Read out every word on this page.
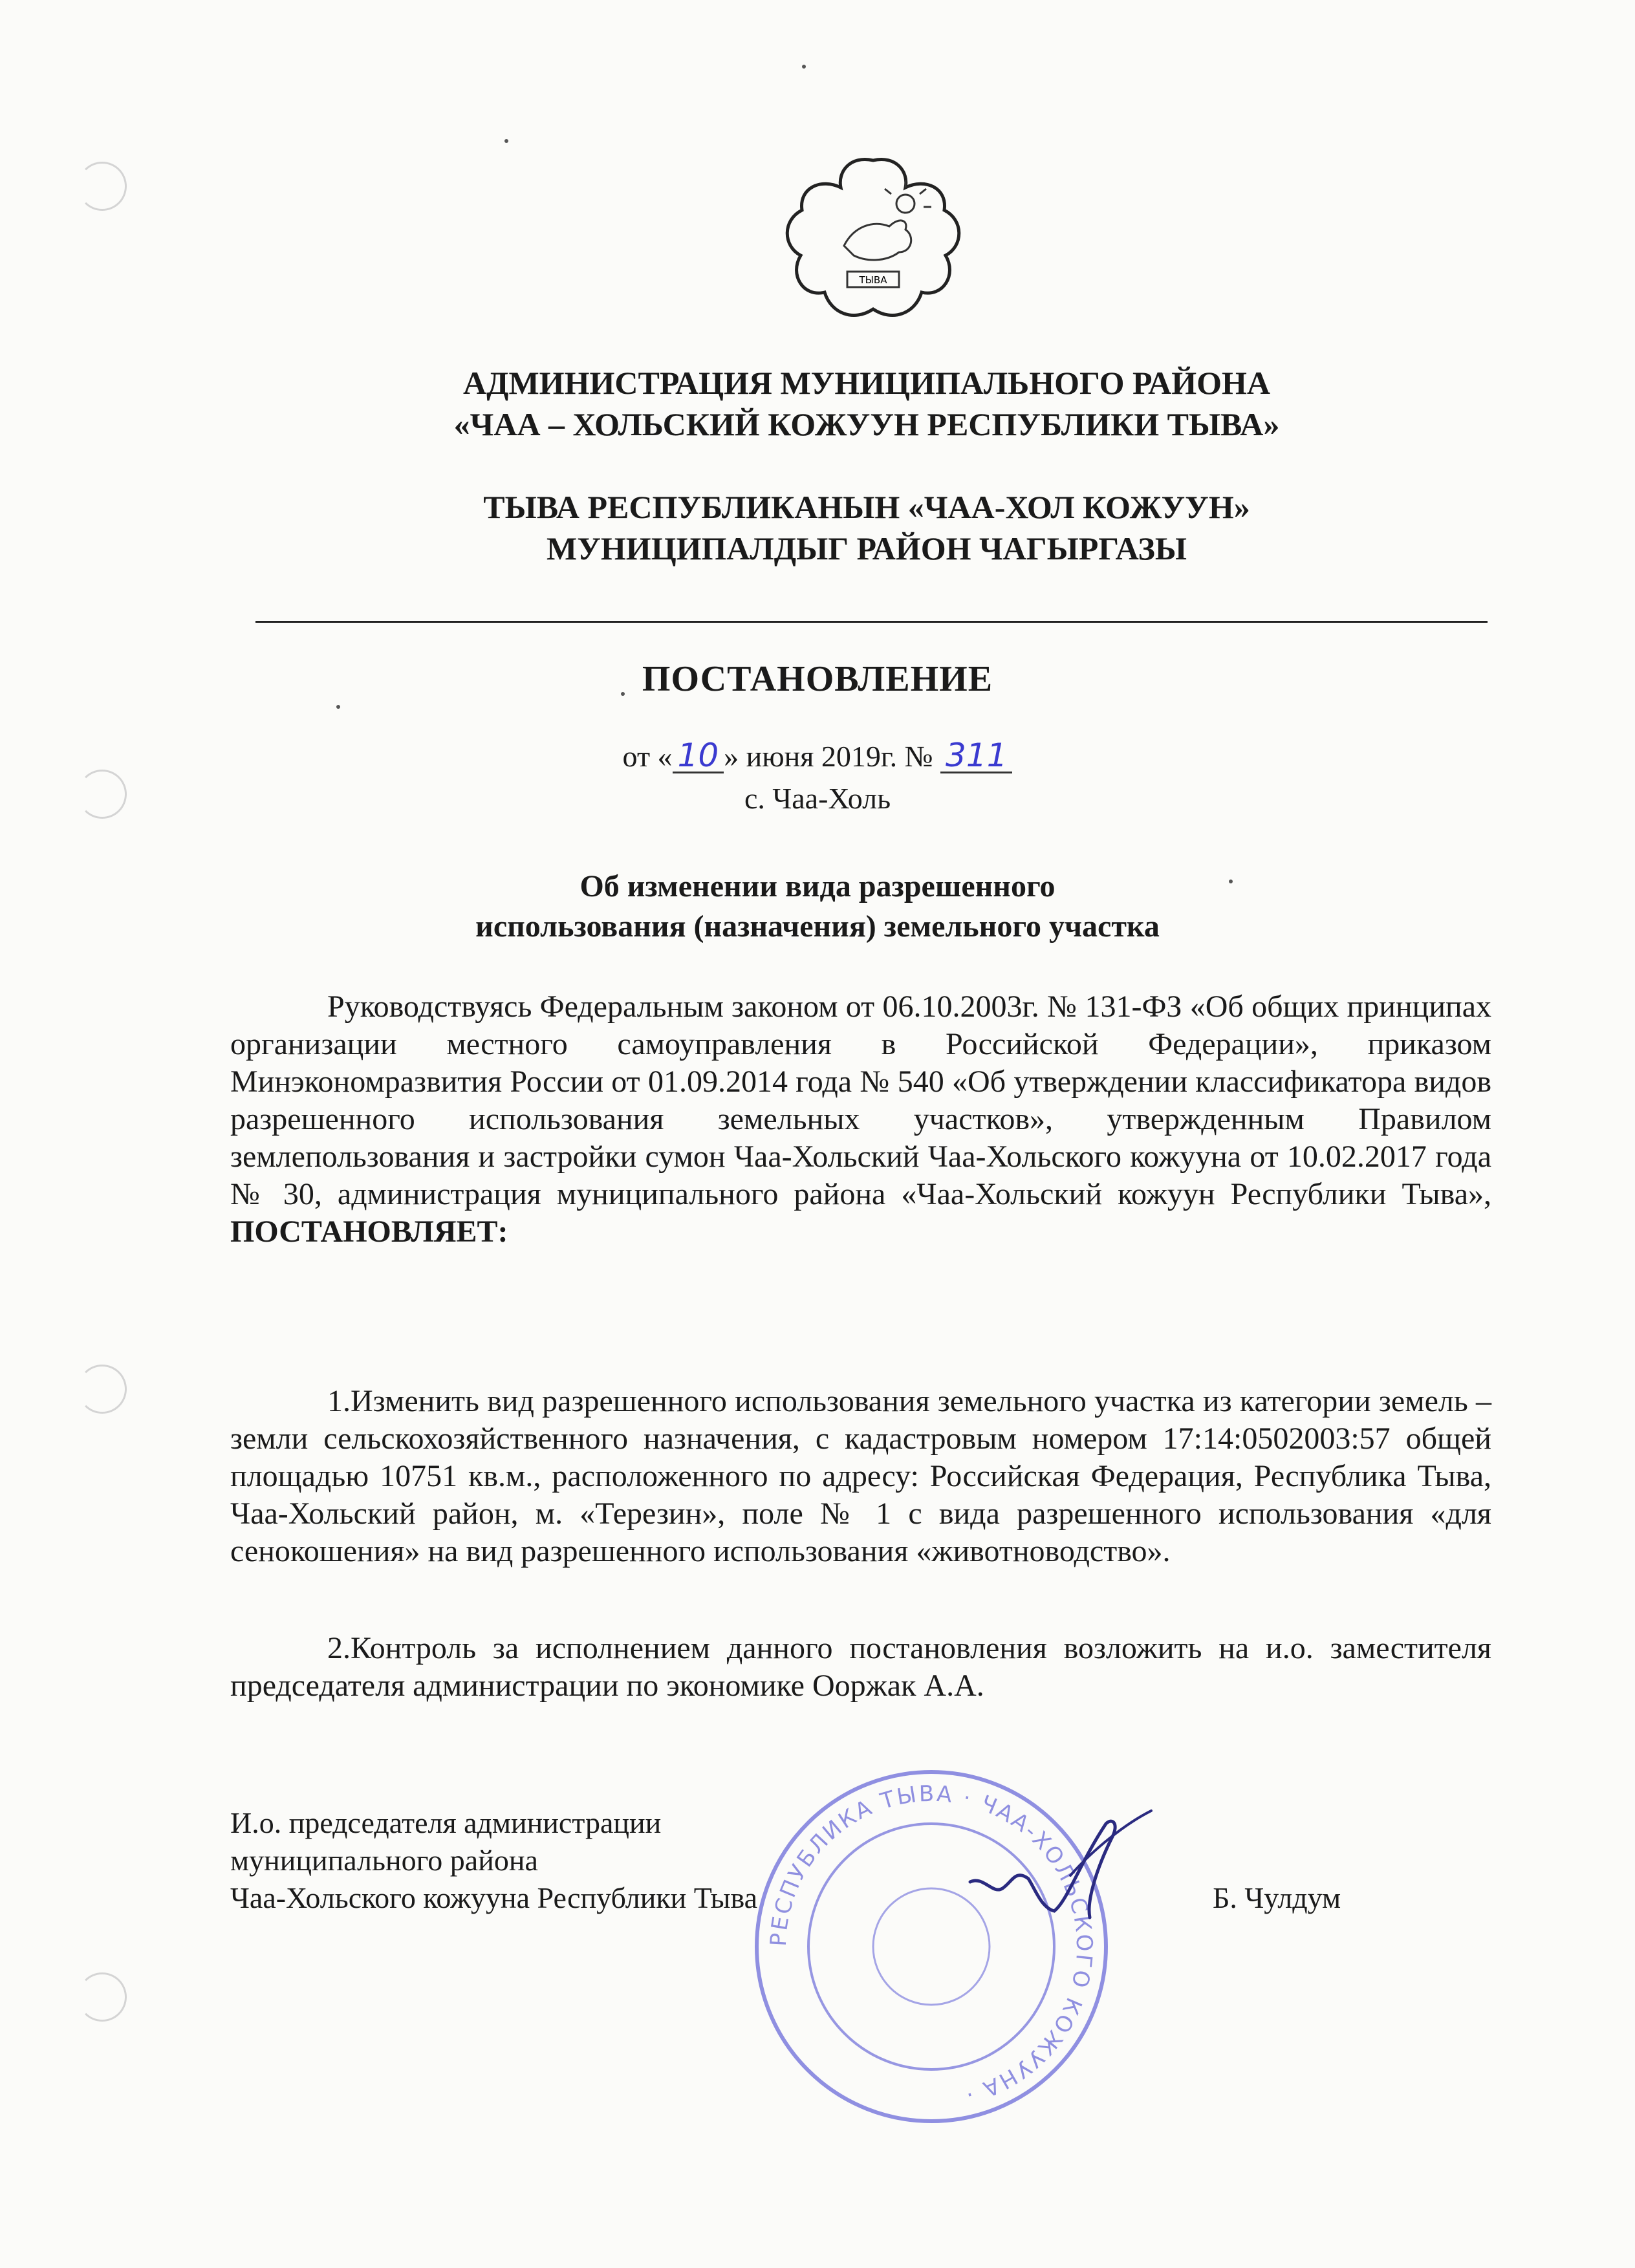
ТЫВА
АДМИНИСТРАЦИЯ МУНИЦИПАЛЬНОГО РАЙОНА
«ЧАА – ХОЛЬСКИЙ КОЖУУН РЕСПУБЛИКИ ТЫВА»
ТЫВА РЕСПУБЛИКАНЫН «ЧАА-ХОЛ КОЖУУН»
МУНИЦИПАЛДЫГ РАЙОН ЧАГЫРГАЗЫ
ПОСТАНОВЛЕНИЕ
от « 10 » июня 2019г. № 311
с. Чаа-Холь
Об изменении вида разрешенного
использования (назначения) земельного участка
Руководствуясь Федеральным законом от 06.10.2003г. № 131-ФЗ «Об общих принципах организации местного самоуправления в Российской Федерации», приказом Минэкономразвития России от 01.09.2014 года № 540 «Об утверждении классификатора видов разрешенного использования земельных участков», утвержденным Правилом землепользования и застройки сумон Чаа-Хольский Чаа-Хольского кожууна от 10.02.2017 года № 30, администрация муниципального района «Чаа-Хольский кожуун Республики Тыва», ПОСТАНОВЛЯЕТ:
1.Изменить вид разрешенного использования земельного участка из категории земель – земли сельскохозяйственного назначения, с кадастровым номером 17:14:0502003:57 общей площадью 10751 кв.м., расположенного по адресу: Российская Федерация, Республика Тыва, Чаа-Хольский район, м. «Терезин», поле № 1 с вида разрешенного использования «для сенокошения» на вид разрешенного использования «животноводство».
2.Контроль за исполнением данного постановления возложить на и.о. заместителя председателя администрации по экономике Ооржак А.А.
РЕСПУБЛИКА ТЫВА · ЧАА-ХОЛЬСКОГО КОЖУУНА ·
И.о. председателя администрации
муниципального района
Чаа-Хольского кожууна Республики Тыва	Б. Чулдум
